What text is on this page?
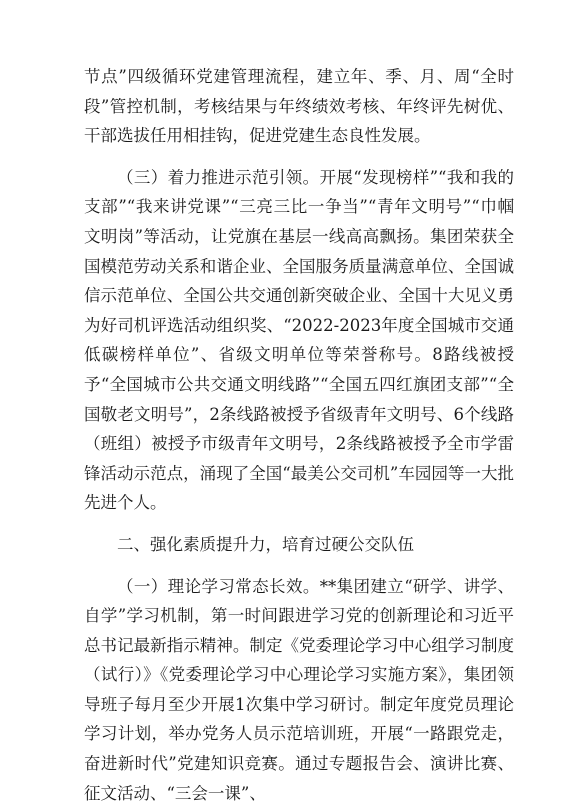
节点”四级循环党建管理流程，建立年、季、月、周“全时段”管控机制，考核结果与年终绩效考核、年终评先树优、干部选拔任用相挂钩，促进党建生态良性发展。

（三）着力推进示范引领。开展“发现榜样”“我和我的支部”“我来讲党课”“三亮三比一争当”“青年文明号”“巾帼文明岗”等活动，让党旗在基层一线高高飘扬。集团荣获全国模范劳动关系和谐企业、全国服务质量满意单位、全国诚信示范单位、全国公共交通创新突破企业、全国十大见义勇为好司机评选活动组织奖、“2022-2023年度全国城市交通低碳榜样单位”、省级文明单位等荣誉称号。8路线被授予“全国城市公共交通文明线路”“全国五四红旗团支部”“全国敬老文明号”，2条线路被授予省级青年文明号、6个线路（班组）被授予市级青年文明号，2条线路被授予全市学雷锋活动示范点，涌现了全国“最美公交司机”车园园等一大批先进个人。

二、强化素质提升力，培育过硬公交队伍

（一）理论学习常态长效。**集团建立“研学、讲学、自学”学习机制，第一时间跟进学习党的创新理论和习近平总书记最新指示精神。制定《党委理论学习中心组学习制度（试行）》《党委理论学习中心理论学习实施方案》，集团领导班子每月至少开展1次集中学习研讨。制定年度党员理论学习计划，举办党务人员示范培训班，开展“一路跟党走，奋进新时代”党建知识竞赛。通过专题报告会、演讲比赛、征文活动、“三会一课”、
